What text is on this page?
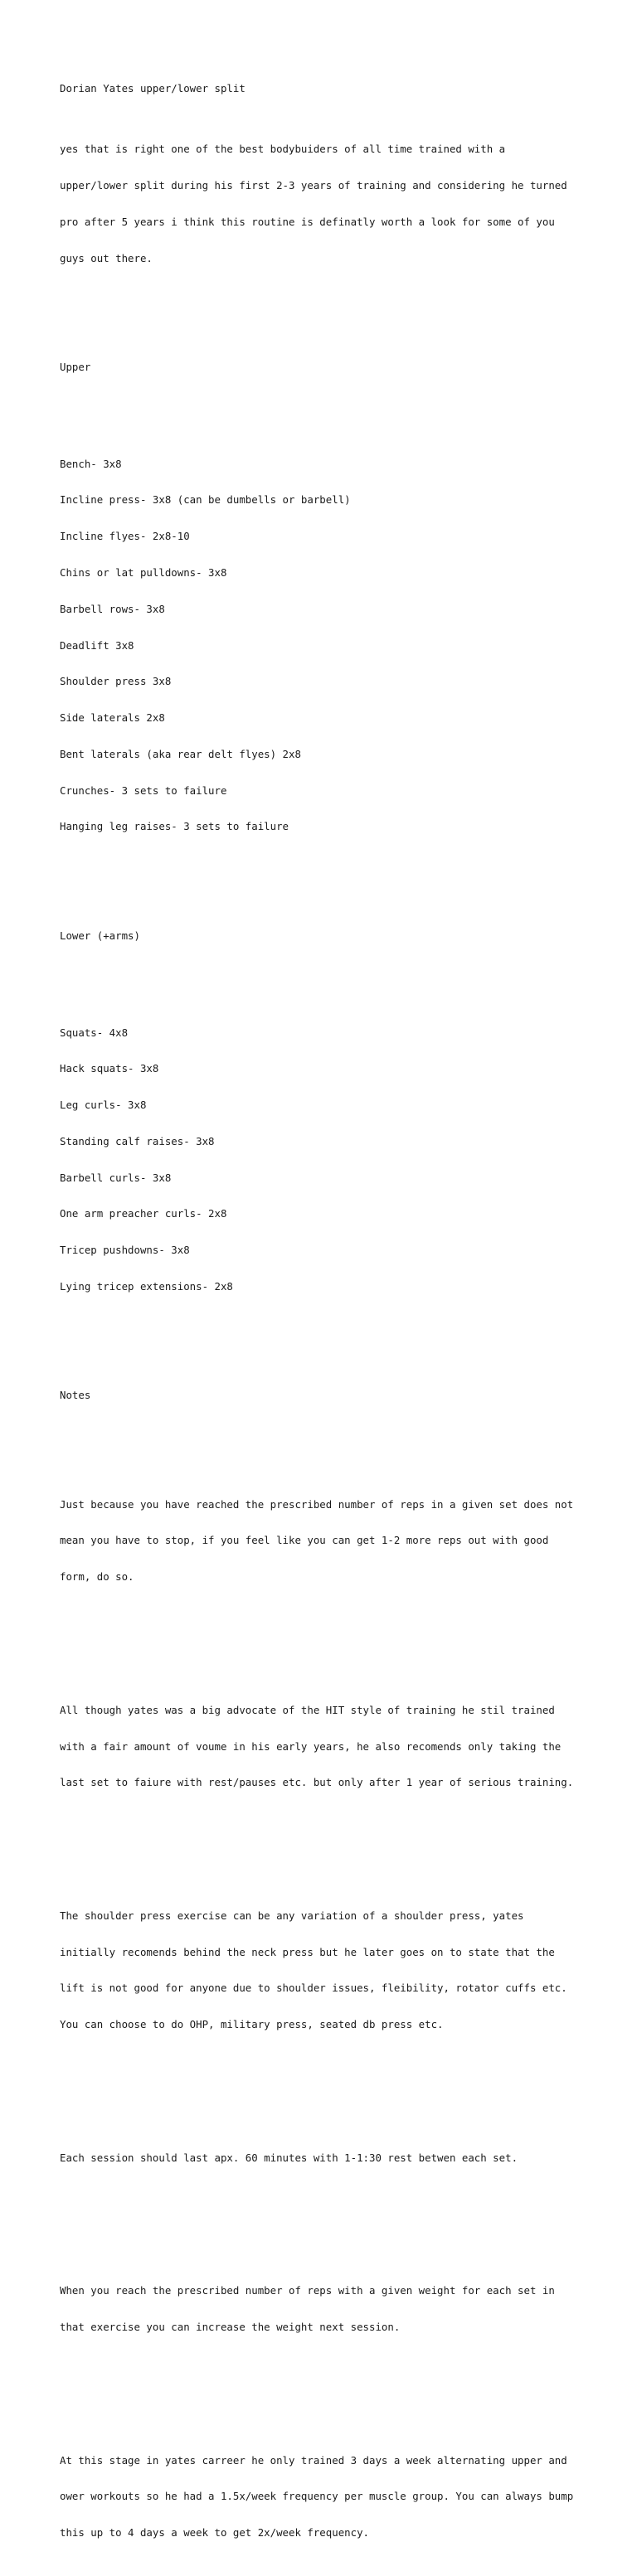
Dorian Yates upper/lower split

yes that is right one of the best bodybuiders of all time trained with a

upper/lower split during his first 2-3 years of training and considering he turned

pro after 5 years i think this routine is definatly worth a look for some of you

guys out there.

Upper

Bench- 3x8

Incline press- 3x8 (can be dumbells or barbell)

Incline flyes- 2x8-10

Chins or lat pulldowns- 3x8

Barbell rows- 3x8

Deadlift 3x8

Shoulder press 3x8

Side laterals 2x8

Bent laterals (aka rear delt flyes) 2x8

Crunches- 3 sets to failure

Hanging leg raises- 3 sets to failure

Lower (+arms)

Squats- 4x8

Hack squats- 3x8

Leg curls- 3x8

Standing calf raises- 3x8

Barbell curls- 3x8

One arm preacher curls- 2x8

Tricep pushdowns- 3x8

Lying tricep extensions- 2x8

Notes

Just because you have reached the prescribed number of reps in a given set does not

mean you have to stop, if you feel like you can get 1-2 more reps out with good

form, do so.

All though yates was a big advocate of the HIT style of training he stil trained

with a fair amount of voume in his early years, he also recomends only taking the

last set to faiure with rest/pauses etc. but only after 1 year of serious training.

The shoulder press exercise can be any variation of a shoulder press, yates

initially recomends behind the neck press but he later goes on to state that the

lift is not good for anyone due to shoulder issues, fleibility, rotator cuffs etc.

You can choose to do OHP, military press, seated db press etc.

Each session should last apx. 60 minutes with 1-1:30 rest betwen each set.

When you reach the prescribed number of reps with a given weight for each set in

that exercise you can increase the weight next session.

At this stage in yates carreer he only trained 3 days a week alternating upper and

ower workouts so he had a 1.5x/week frequency per muscle group. You can always bump

this up to 4 days a week to get 2x/week frequency.
